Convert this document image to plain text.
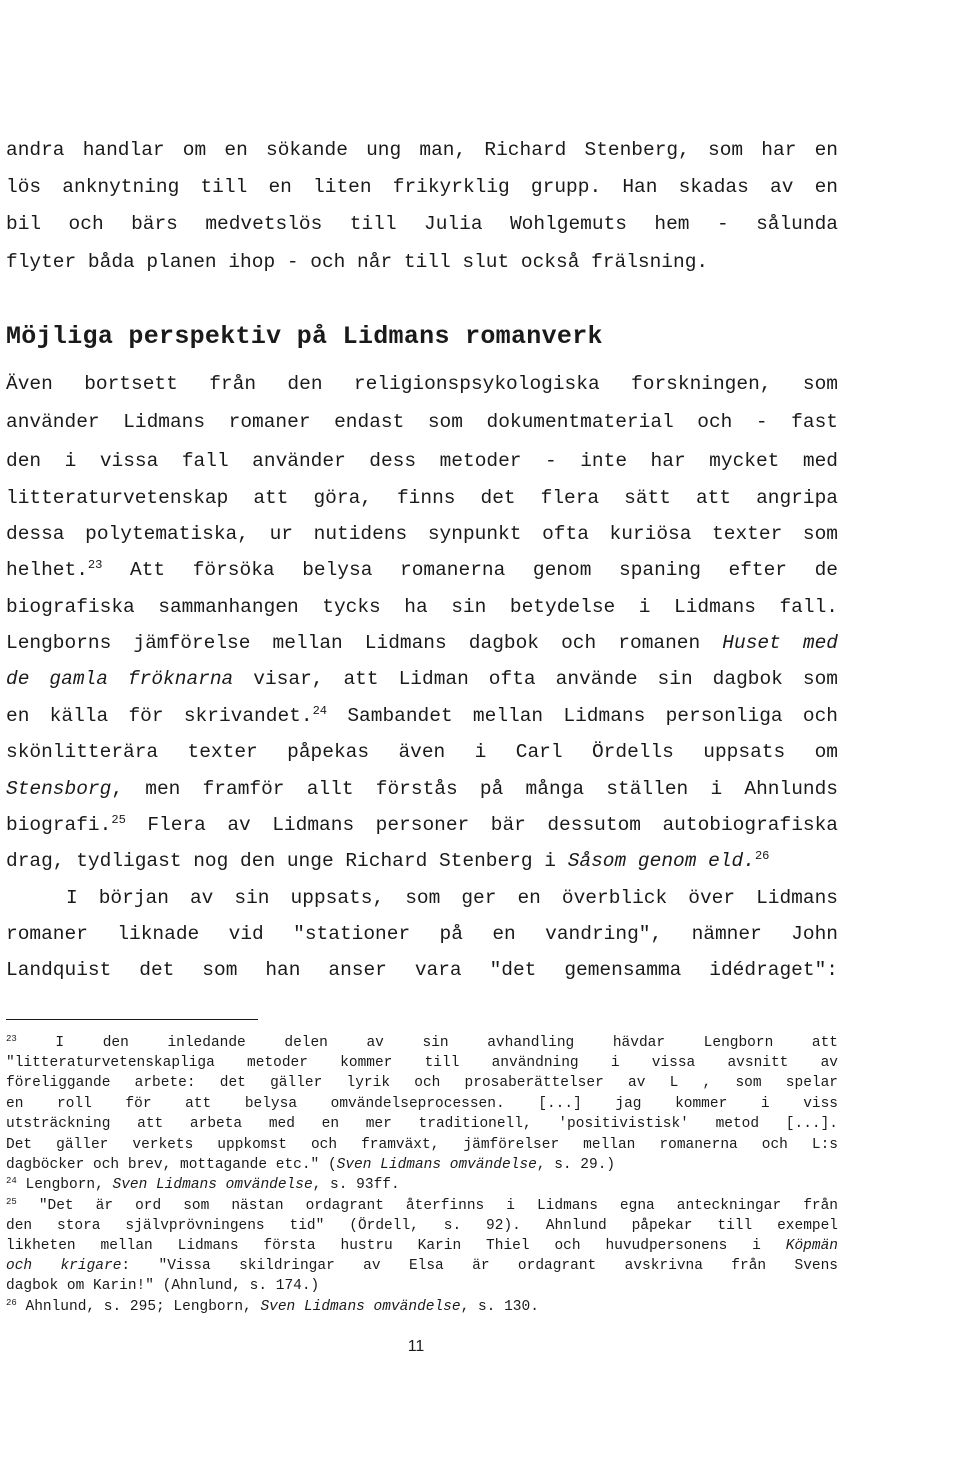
andra handlar om en sökande ung man, Richard Stenberg, som har en
lös anknytning till en liten frikyrklig grupp. Han skadas av en
bil och bärs medvetslös till Julia Wohlgemuts hem - sålunda
flyter båda planen ihop - och når till slut också frälsning.
Möjliga perspektiv på Lidmans romanverk
Även bortsett från den religionspsykologiska forskningen, som
använder Lidmans romaner endast som dokumentmaterial och - fast
den i vissa fall använder dess metoder - inte har mycket med
litteraturvetenskap att göra, finns det flera sätt att angripa
dessa polytematiska, ur nutidens synpunkt ofta kuriösa texter som
helhet.$^{23}$ Att försöka belysa romanerna genom spaning efter de
biografiska sammanhangen tycks ha sin betydelse i Lidmans fall.
Lengborns jämförelse mellan Lidmans dagbok och romanen Huset med
de gamla fröknarna visar, att Lidman ofta använde sin dagbok som
en källa för skrivandet.$^{24}$ Sambandet mellan Lidmans personliga och
skönlitterära texter påpekas även i Carl Ördells uppsats om
Stensborg, men framför allt förstås på många ställen i Ahnlunds
biografi.$^{25}$ Flera av Lidmans personer bär dessutom autobiografiska
drag, tydligast nog den unge Richard Stenberg i Såsom genom eld.$^{26}$
I början av sin uppsats, som ger en överblick över Lidmans
romaner liknade vid "stationer på en vandring", nämner John
Landquist det som han anser vara "det gemensamma idédraget":
$^{23}$ I den inledande delen av sin avhandling hävdar Lengborn att
"litteraturvetenskapliga metoder kommer till användning i vissa avsnitt av
föreliggande arbete: det gäller lyrik och prosaberättelser av L , som spelar
en roll för att belysa omvändelseprocessen. [...] jag kommer i viss
utsträckning att arbeta med en mer traditionell, 'positivistisk' metod [...].
Det gäller verkets uppkomst och framväxt, jämförelser mellan romanerna och L:s
dagböcker och brev, mottagande etc." (Sven Lidmans omvändelse, s. 29.)
$^{24}$ Lengborn, Sven Lidmans omvändelse, s. 93ff.
$^{25}$ "Det är ord som nästan ordagrant återfinns i Lidmans egna anteckningar från
den stora självprövningens tid" (Ördell, s. 92). Ahnlund påpekar till exempel
likheten mellan Lidmans första hustru Karin Thiel och huvudpersonens i Köpmän
och krigare: "Vissa skildringar av Elsa är ordagrant avskrivna från Svens
dagbok om Karin!" (Ahnlund, s. 174.)
$^{26}$ Ahnlund, s. 295; Lengborn, Sven Lidmans omvändelse, s. 130.
11
